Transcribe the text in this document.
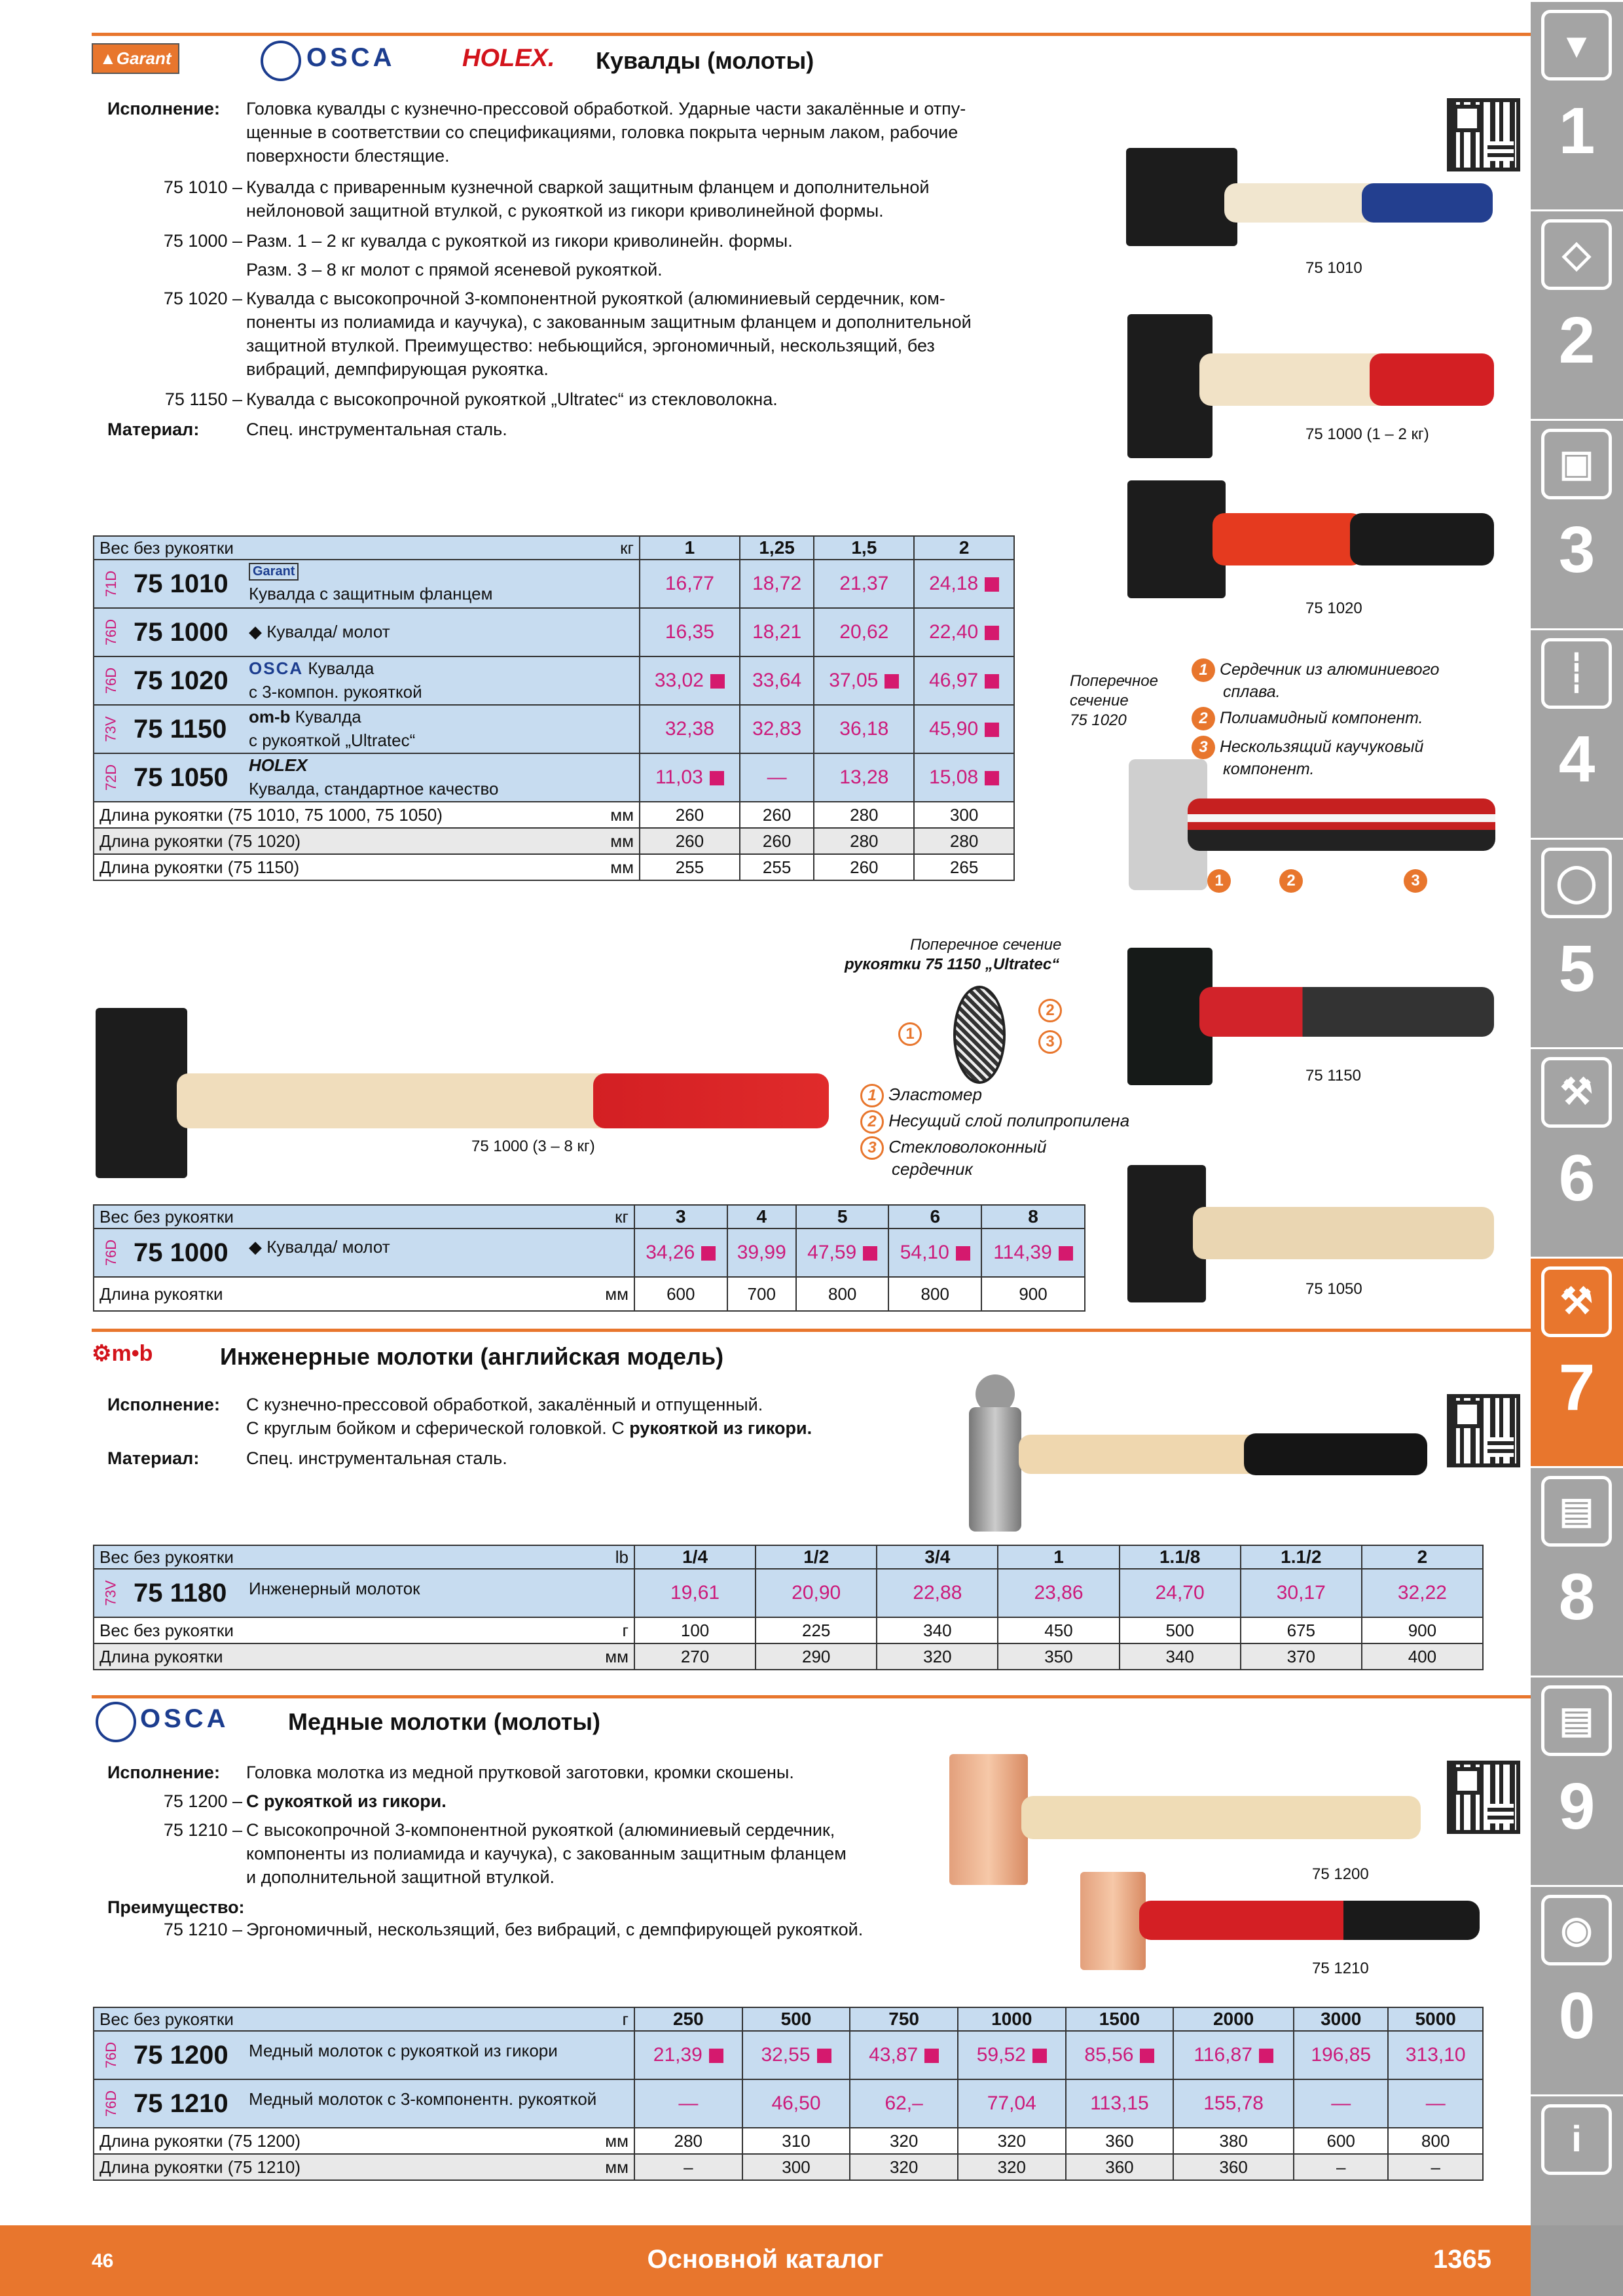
▲Garant	OSCA	HOLEX. Кувалды (молоты)
Исполнение: Головка кувалды с кузнечно-прессовой обработкой. Ударные части закалённые и отпу-
щенные в соответствии со спецификациями, головка покрыта черным лаком, рабочие
поверхности блестящие.
75 1010 – Кувалда с приваренным кузнечной сваркой защитным фланцем и дополнительной
нейлоновой защитной втулкой, с рукояткой из гикори криволинейной формы.
75 1000 – Разм. 1 – 2 кг кувалда с рукояткой из гикори криволинейн. формы.
Разм. 3 – 8 кг молот с прямой ясеневой рукояткой.
75 1020 – Кувалда с высокопрочной 3-компонентной рукояткой (алюминиевый сердечник, ком-
поненты из полиамида и каучука), с закованным защитным фланцем и дополнительной
защитной втулкой. Преимущество: небьющийся, эргономичный, нескользящий, без
вибраций, демпфирующая рукоятка.
75 1150 – Кувалда с высокопрочной рукояткой „Ultratec“ из стекловолокна.
Материал:	Спец. инструментальная сталь.
Вес без рукоятки кг	1	1,25	1,5	2

71D 75 1010 Garant
Кувалда с защитным фланцем	16,77	18,72	21,37	24,18

76D 75 1000 ◆ Кувалда/ молот	16,35	18,21	20,62	22,40

76D 75 1020 OSCA Кувалда
с 3-компон. рукояткой	33,02	33,64	37,05	46,97

73V 75 1150 om-b Кувалда
с рукояткой „Ultratec“	32,38	32,83	36,18	45,90

72D 75 1050 HOLEX
Кувалда, стандартное качество	11,03	—	13,28	15,08
Длина рукоятки (75 1010, 75 1000, 75 1050) мм	260	260	280	300
Длина рукоятки (75 1020) мм	260	260	280	280
Длина рукоятки (75 1150) мм	255	255	260	265
75 1010
75 1000 (1 – 2 кг)
75 1020
Поперечное
сечение
75 1020
1 Сердечник из алюминиевого
сплава.
2 Полиамидный компонент.
3 Нескользящий каучуковый
компонент.
1	2	3
Поперечное сечение
рукоятки 75 1150 „Ultratec“
1
2
3
1 Эластомер
2 Несущий слой полипропилена
3 Стекловолоконный
сердечник
75 1000 (3 – 8 кг)
75 1150
75 1050
Вес без рукоятки кг	3	4	5	6	8

76D 75 1000 ◆ Кувалда/ молот	34,26	39,99	47,59	54,10	114,39
Длина рукоятки мм	600	700	800	800	900
⚙m•b	Инженерные молотки (английская модель)
Исполнение: С кузнечно-прессовой обработкой, закалённый и отпущенный.
С круглым бойком и сферической головкой. С рукояткой из гикори.
Материал:	Спец. инструментальная сталь.
Вес без рукоятки lb	1/4	1/2	3/4	1	1.1/8	1.1/2	2

73V 75 1180 Инженерный молоток	19,61	20,90	22,88	23,86	24,70	30,17	32,22
Вес без рукоятки г	100	225	340	450	500	675	900
Длина рукоятки мм	270	290	320	350	340	370	400
OSCA	Медные молотки (молоты)
Исполнение: Головка молотка из медной прутковой заготовки, кромки скошены.
75 1200 – С рукояткой из гикори.
75 1210 – С высокопрочной 3-компонентной рукояткой (алюминиевый сердечник,
компоненты из полиамида и каучука), с закованным защитным фланцем
и дополнительной защитной втулкой.
Преимущество:
75 1210 – Эргономичный, нескользящий, без вибраций, с демпфирующей рукояткой.
75 1200
75 1210
Вес без рукоятки г	250	500	750	1000	1500	2000	3000	5000

76D 75 1200 Медный молоток с рукояткой из гикори	21,39	32,55	43,87	59,52	85,56	116,87	196,85	313,10

76D 75 1210 Медный молоток с 3-компонентн. рукояткой	—	46,50	62,–	77,04	113,15	155,78	—	—
Длина рукоятки (75 1200) мм	280	310	320	320	360	380	600	800
Длина рукоятки (75 1210) мм	–	300	320	320	360	360	–	–
▾
1
◇
2
▣
3
┊
4
◯
5
⚒
6
⚒
7
▤
8
▤
9
◉
0
i
46	Основной каталог	1365
